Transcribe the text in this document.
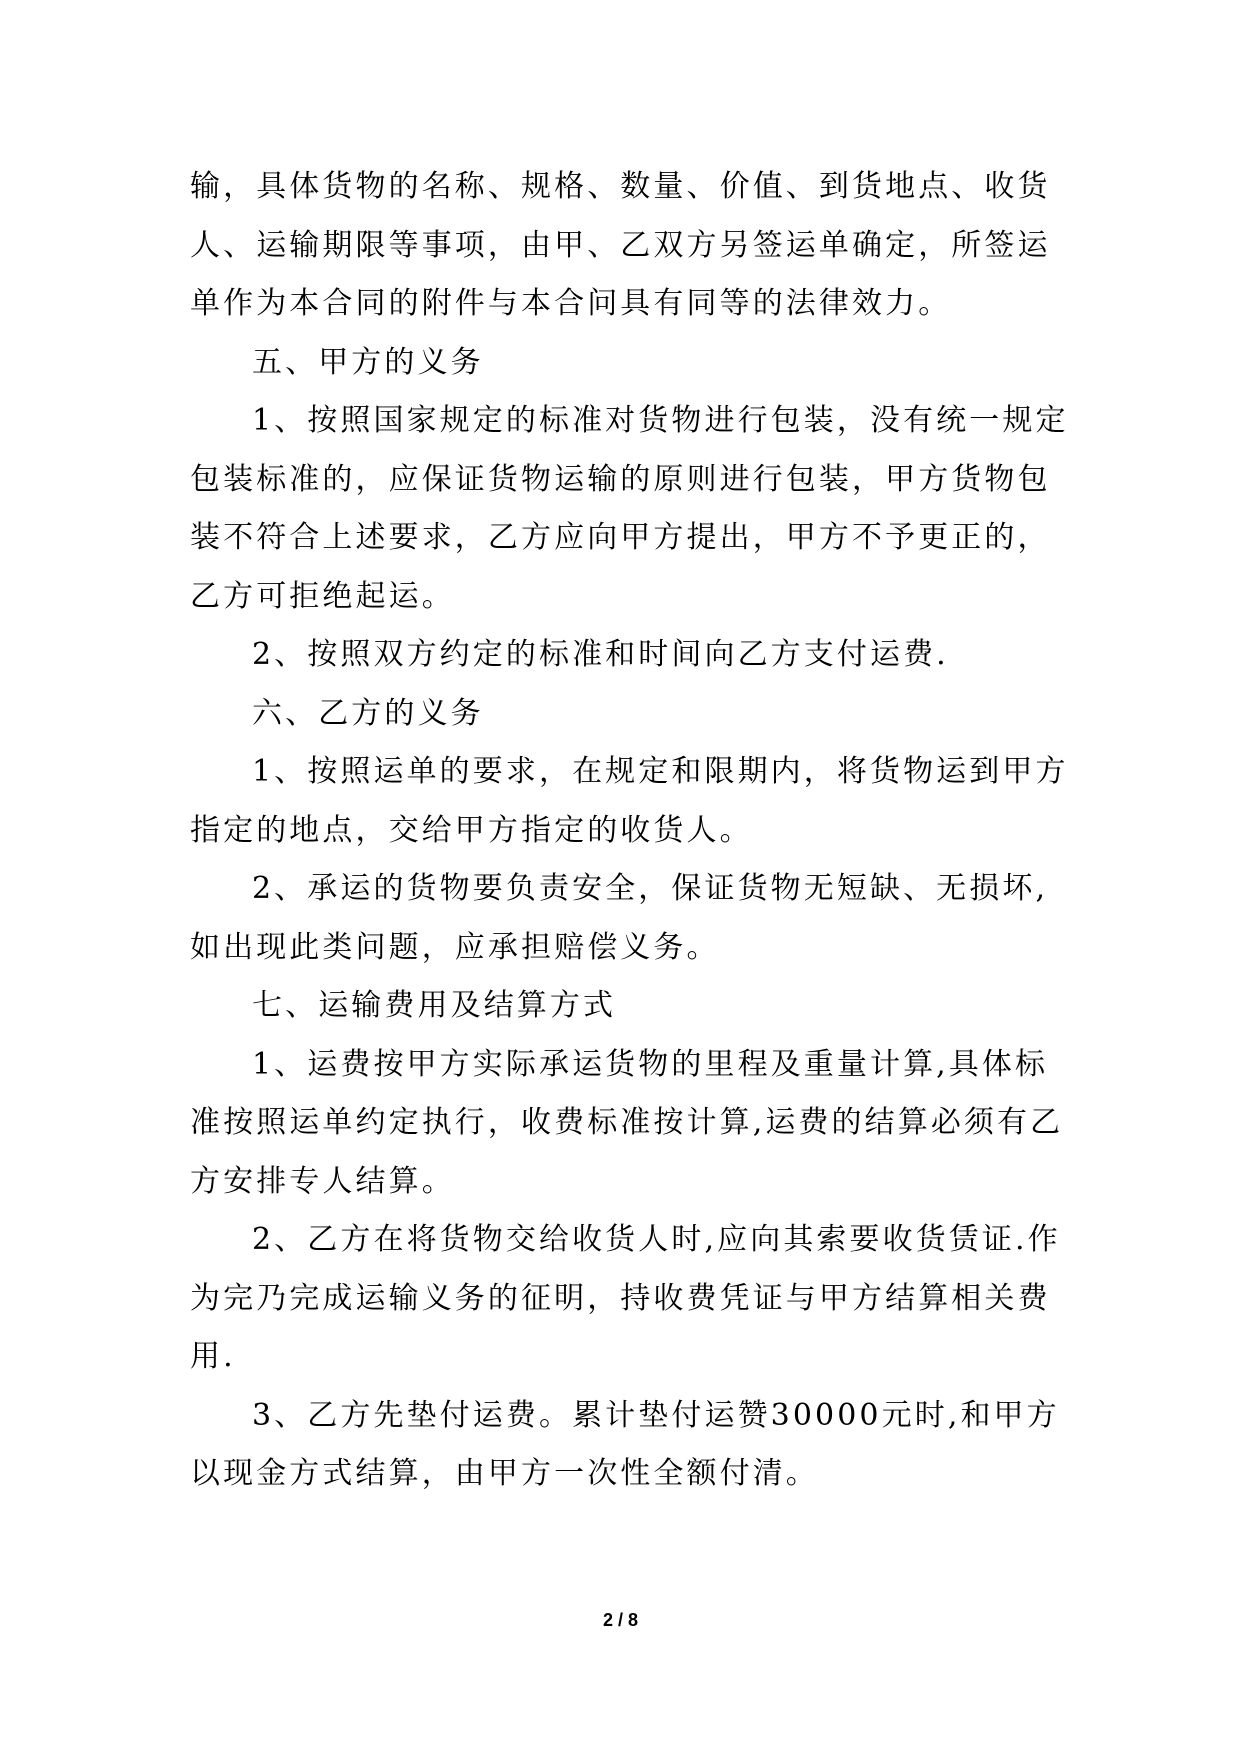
输，具体货物的名称、规格、数量、价值、到货地点、收货人、运输期限等事项，由甲、乙双方另签运单确定，所签运单作为本合同的附件与本合问具有同等的法律效力。

五、甲方的义务

1、按照国家规定的标准对货物进行包装，没有统一规定包装标准的，应保证货物运输的原则进行包装，甲方货物包装不符合上述要求，乙方应向甲方提出，甲方不予更正的，乙方可拒绝起运。

2、按照双方约定的标准和时间向乙方支付运费.

六、乙方的义务

1、按照运单的要求，在规定和限期内，将货物运到甲方指定的地点，交给甲方指定的收货人。

2、承运的货物要负责安全，保证货物无短缺、无损坏,如出现此类问题，应承担赔偿义务。

七、运输费用及结算方式

1、运费按甲方实际承运货物的里程及重量计算,具体标准按照运单约定执行，收费标准按计算,运费的结算必须有乙方安排专人结算。

2、乙方在将货物交给收货人时,应向其索要收货赁证.作为完乃完成运输义务的征明，持收费凭证与甲方结算相关费用.

3、乙方先垫付运费。累计垫付运赞30000元时,和甲方以现金方式结算，由甲方一次性全额付清。

2 / 8
